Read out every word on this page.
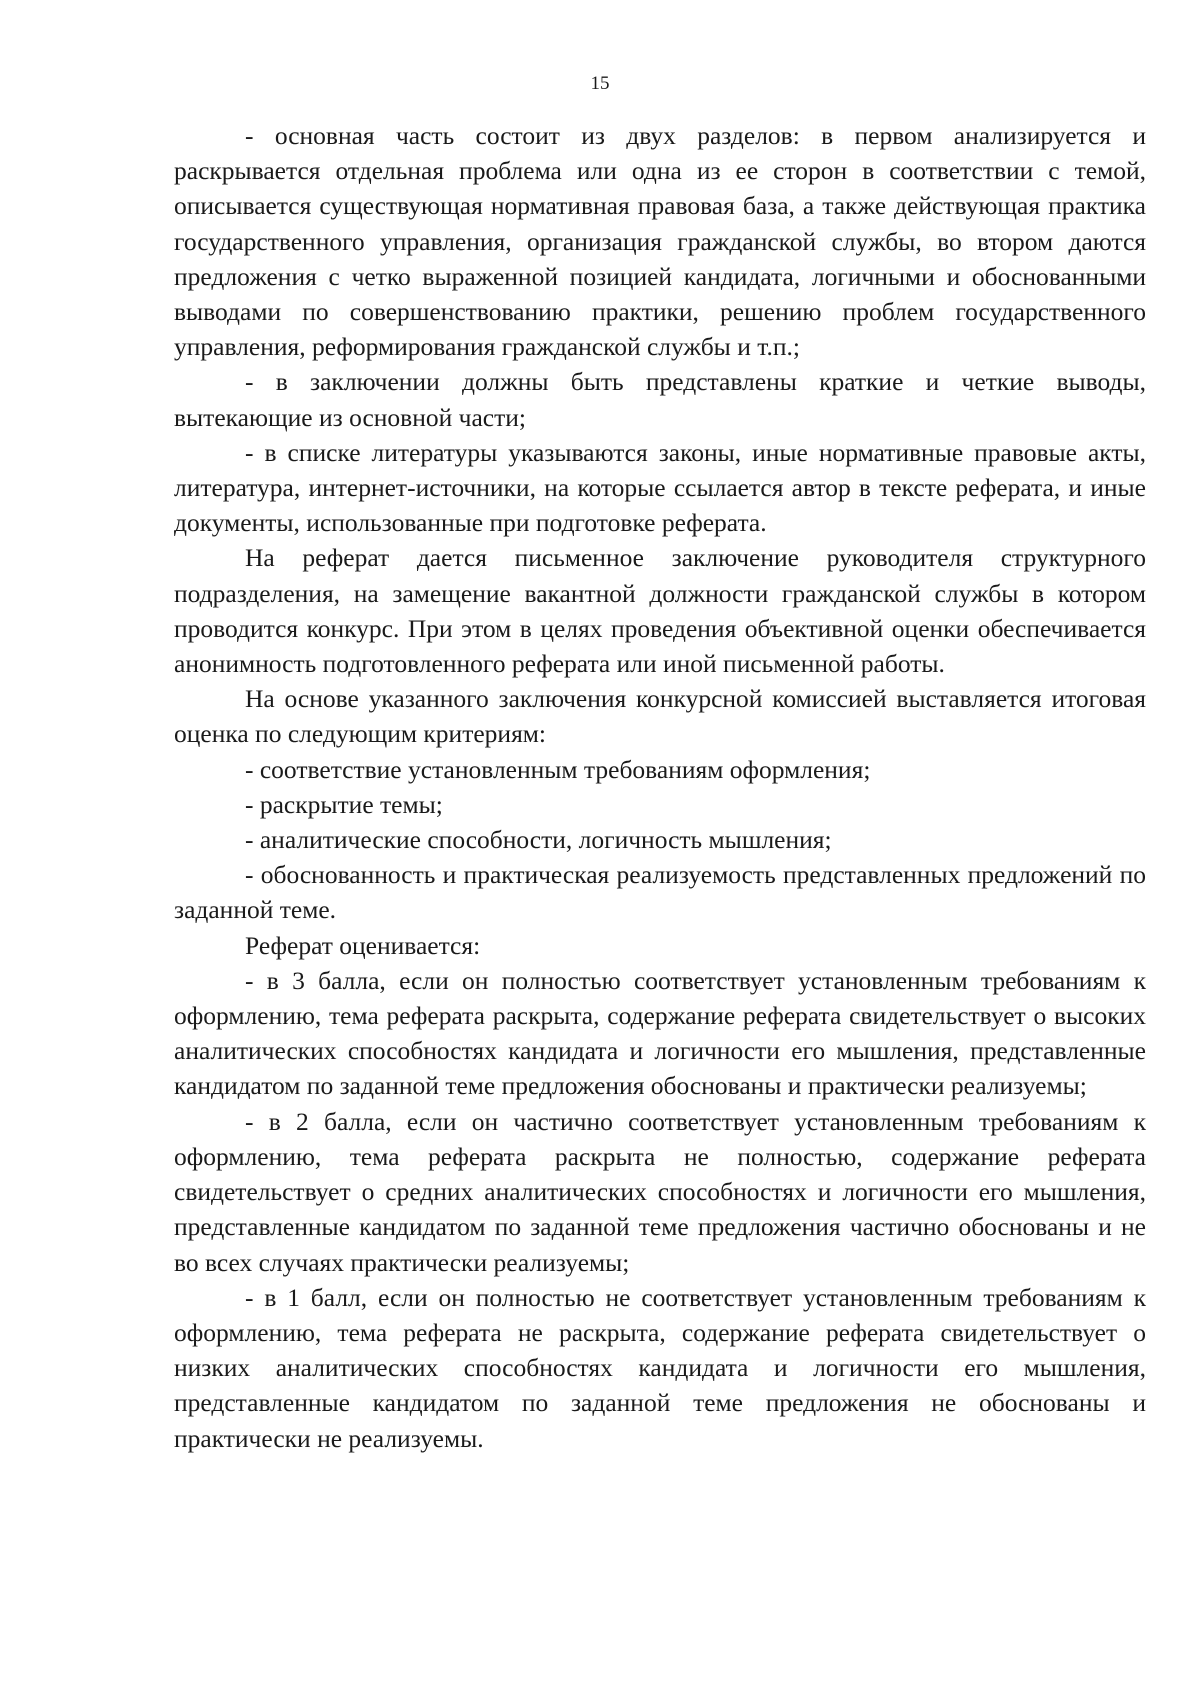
15

- основная часть состоит из двух разделов: в первом анализируется и раскрывается отдельная проблема или одна из ее сторон в соответствии с темой, описывается существующая нормативная правовая база, а также действующая практика государственного управления, организация гражданской службы, во втором даются предложения с четко выраженной позицией кандидата, логичными и обоснованными выводами по совершенствованию практики, решению проблем государственного управления, реформирования гражданской службы и т.п.;

- в заключении должны быть представлены краткие и четкие выводы, вытекающие из основной части;

- в списке литературы указываются законы, иные нормативные правовые акты, литература, интернет-источники, на которые ссылается автор в тексте реферата, и иные документы, использованные при подготовке реферата.

На реферат дается письменное заключение руководителя структурного подразделения, на замещение вакантной должности гражданской службы в котором проводится конкурс. При этом в целях проведения объективной оценки обеспечивается анонимность подготовленного реферата или иной письменной работы.

На основе указанного заключения конкурсной комиссией выставляется итоговая оценка по следующим критериям:

- соответствие установленным требованиям оформления;

- раскрытие темы;

- аналитические способности, логичность мышления;

- обоснованность и практическая реализуемость представленных предложений по заданной теме.

Реферат оценивается:

- в 3 балла, если он полностью соответствует установленным требованиям к оформлению, тема реферата раскрыта, содержание реферата свидетельствует о высоких аналитических способностях кандидата и логичности его мышления, представленные кандидатом по заданной теме предложения обоснованы и практически реализуемы;

- в 2 балла, если он частично соответствует установленным требованиям к оформлению, тема реферата раскрыта не полностью, содержание реферата свидетельствует о средних аналитических способностях и логичности его мышления, представленные кандидатом по заданной теме предложения частично обоснованы и не во всех случаях практически реализуемы;

- в 1 балл, если он полностью не соответствует установленным требованиям к оформлению, тема реферата не раскрыта, содержание реферата свидетельствует о низких аналитических способностях кандидата и логичности его мышления, представленные кандидатом по заданной теме предложения не обоснованы и практически не реализуемы.
